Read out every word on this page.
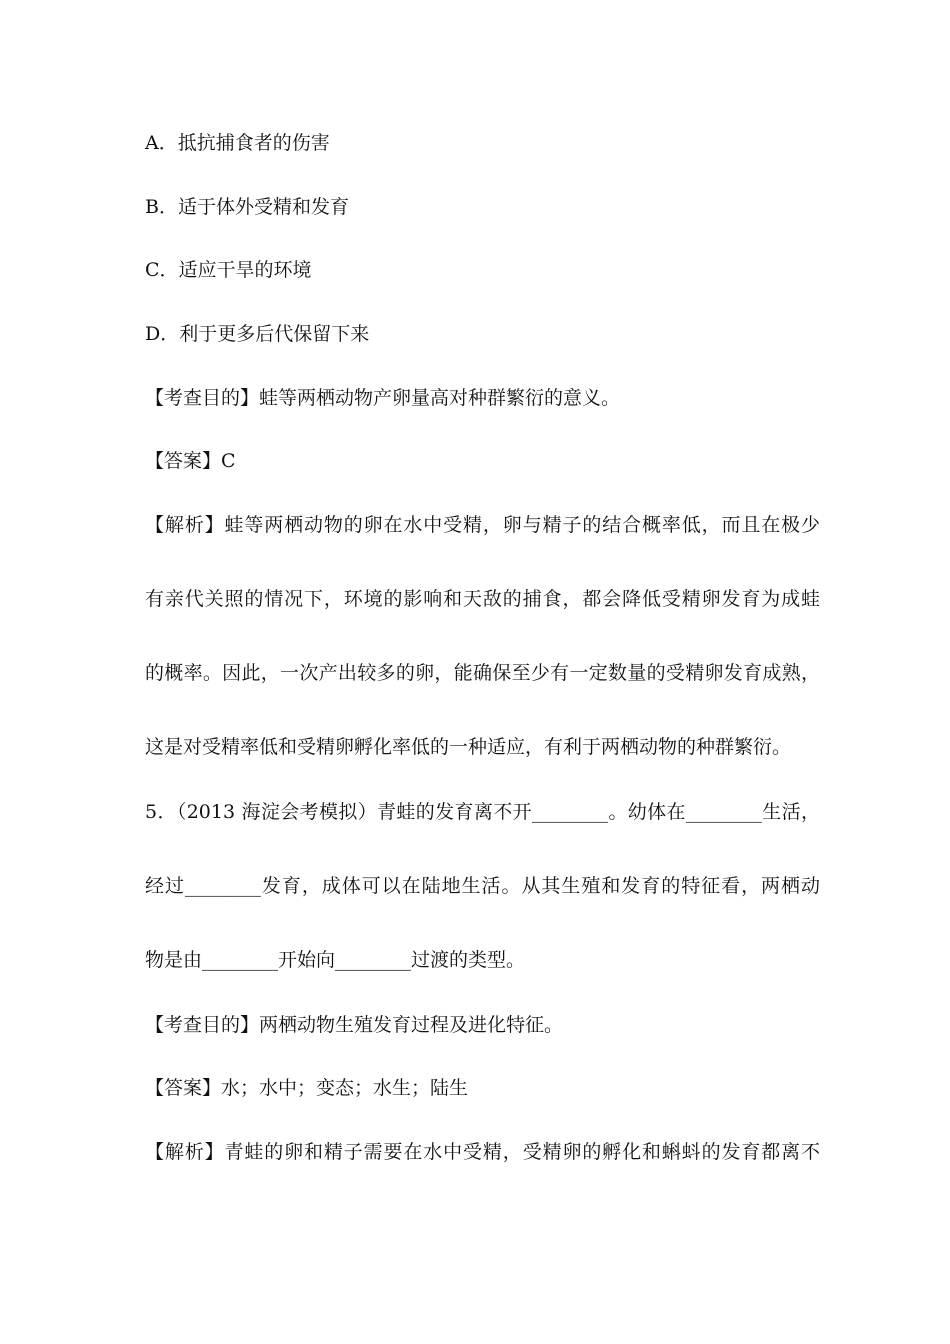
A．抵抗捕食者的伤害
B．适于体外受精和发育
C．适应干旱的环境
D．利于更多后代保留下来
【考查目的】蛙等两栖动物产卵量高对种群繁衍的意义。
【答案】C
【解析】蛙等两栖动物的卵在水中受精，卵与精子的结合概率低，而且在极少
有亲代关照的情况下，环境的影响和天敌的捕食，都会降低受精卵发育为成蛙
的概率。因此，一次产出较多的卵，能确保至少有一定数量的受精卵发育成熟，
这是对受精率低和受精卵孵化率低的一种适应，有利于两栖动物的种群繁衍。
5．（2013 海淀会考模拟）青蛙的发育离不开________。幼体在________生活，
经过________发育，成体可以在陆地生活。从其生殖和发育的特征看，两栖动
物是由________开始向________过渡的类型。
【考查目的】两栖动物生殖发育过程及进化特征。
【答案】水；水中；变态；水生；陆生
【解析】青蛙的卵和精子需要在水中受精，受精卵的孵化和蝌蚪的发育都离不
